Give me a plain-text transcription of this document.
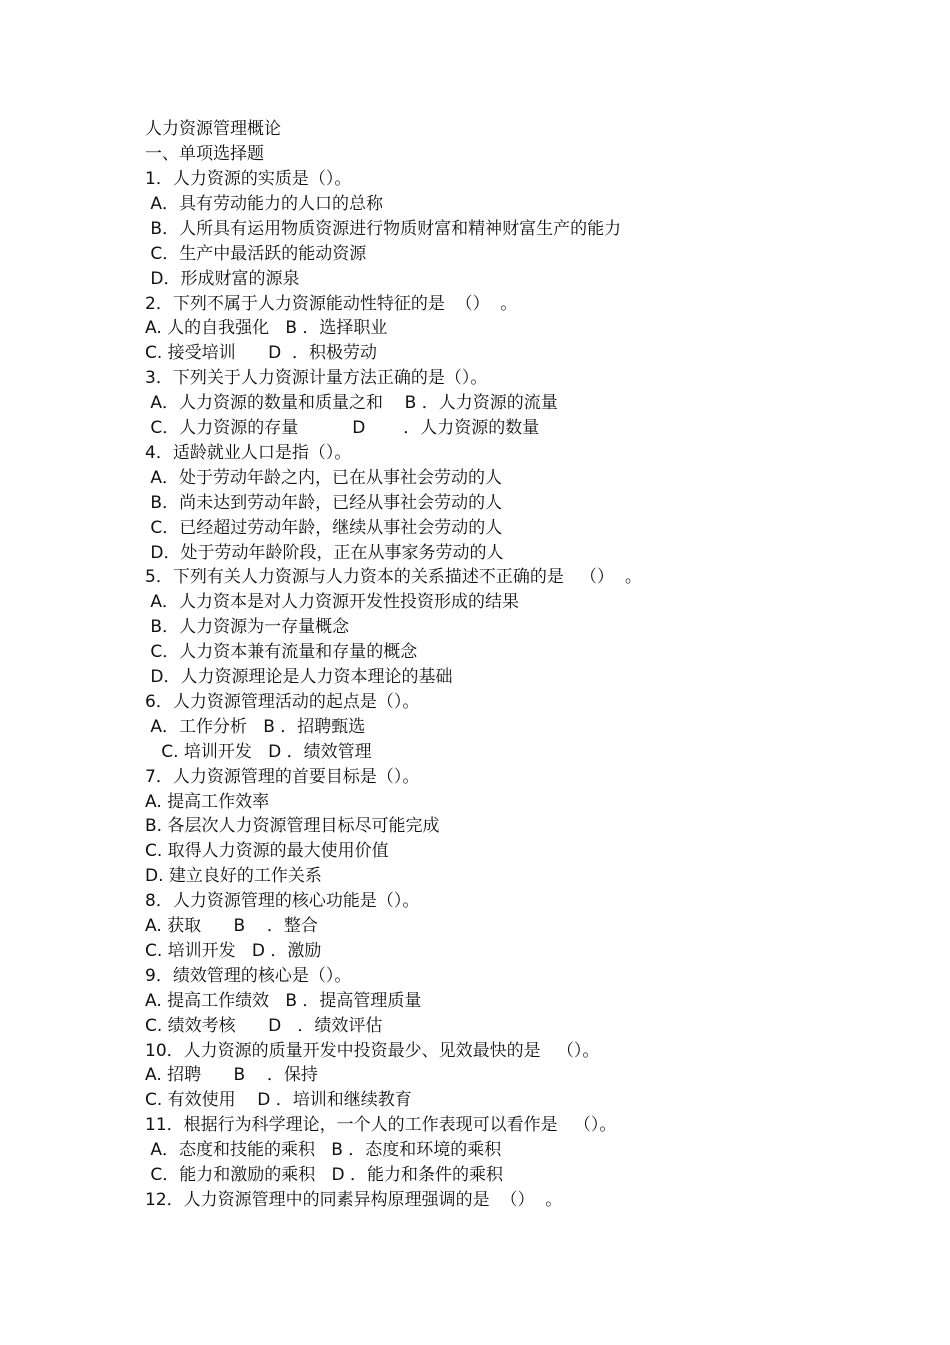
人力资源管理概论
一、单项选择题
1．人力资源的实质是（）。
A．具有劳动能力的人口的总称
B．人所具有运用物质资源进行物质财富和精神财富生产的能力
C．生产中最活跃的能动资源
D．形成财富的源泉
2．下列不属于人力资源能动性特征的是  （）  。
A. 人的自我强化   B ．选择职业
C. 接受培训      D  ．积极劳动
3．下列关于人力资源计量方法正确的是（）。
A．人力资源的数量和质量之和    B ．人力资源的流量
C．人力资源的存量          D       ．人力资源的数量
4．适龄就业人口是指（）。
A．处于劳动年龄之内，已在从事社会劳动的人
B．尚未达到劳动年龄，已经从事社会劳动的人
C．已经超过劳动年龄，继续从事社会劳动的人
D．处于劳动年龄阶段，正在从事家务劳动的人
5．下列有关人力资源与人力资本的关系描述不正确的是   （）  。
A．人力资本是对人力资源开发性投资形成的结果
B．人力资源为一存量概念
C．人力资本兼有流量和存量的概念
D．人力资源理论是人力资本理论的基础
6．人力资源管理活动的起点是（）。
A．工作分析   B ．招聘甄选
C. 培训开发   D ．绩效管理
7．人力资源管理的首要目标是（）。
A. 提高工作效率
B. 各层次人力资源管理目标尽可能完成
C. 取得人力资源的最大使用价值
D. 建立良好的工作关系
8．人力资源管理的核心功能是（）。
A. 获取      B    ．整合
C. 培训开发   D ．激励
9．绩效管理的核心是（）。
A. 提高工作绩效   B ．提高管理质量
C. 绩效考核      D   ．绩效评估
10．人力资源的质量开发中投资最少、见效最快的是   （）。
A. 招聘      B    ．保持
C. 有效使用    D ．培训和继续教育
11．根据行为科学理论，一个人的工作表现可以看作是   （）。
A．态度和技能的乘积   B ．态度和环境的乘积
C．能力和激励的乘积   D ．能力和条件的乘积
12．人力资源管理中的同素异构原理强调的是  （）  。
